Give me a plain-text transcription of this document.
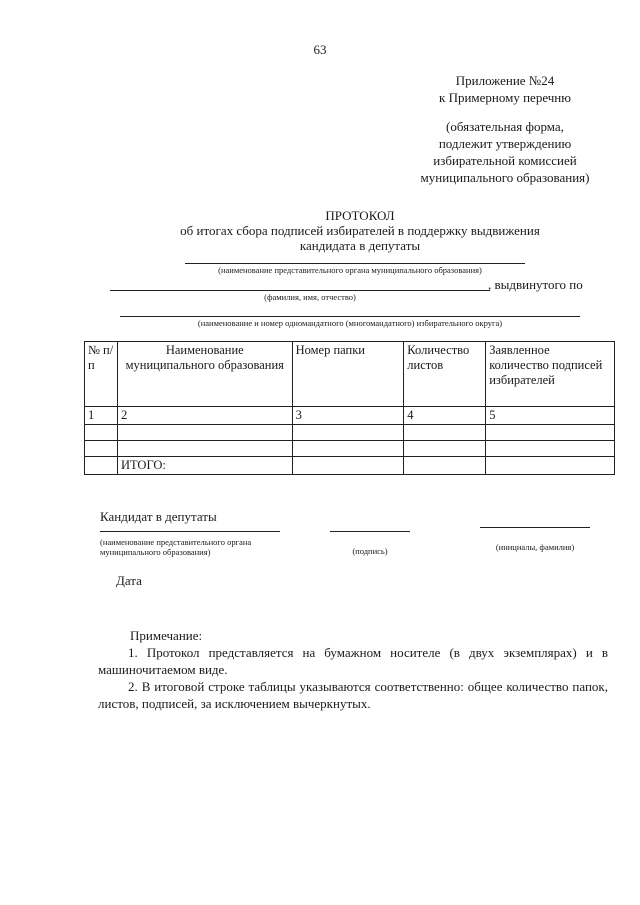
63
Приложение №24
к Примерному перечню
(обязательная форма,
подлежит утверждению
избирательной комиссией
муниципального образования)
ПРОТОКОЛ
об итогах сбора подписей избирателей в поддержку выдвижения
кандидата в депутаты
(наименование представительного органа муниципального образования)
, выдвинутого по
(фамилия, имя, отчество)
(наименование и номер одномандатного (многомандатного) избирательного округа)
№ п/п	Наименование муниципального образования	Номер папки	Количество листов	Заявленное количество подписей избирателей
1	2	3	4	5

	ИТОГО:			
Кандидат в депутаты
(наименование представительного органа муниципального образования)	(подпись)	(инициалы, фамилия)
Дата

Примечание:

1. Протокол представляется на бумажном носителе (в двух экземплярах) и в машиночитаемом виде.

2. В итоговой строке таблицы указываются соответственно: общее количество папок, листов, подписей, за исключением вычеркнутых.
